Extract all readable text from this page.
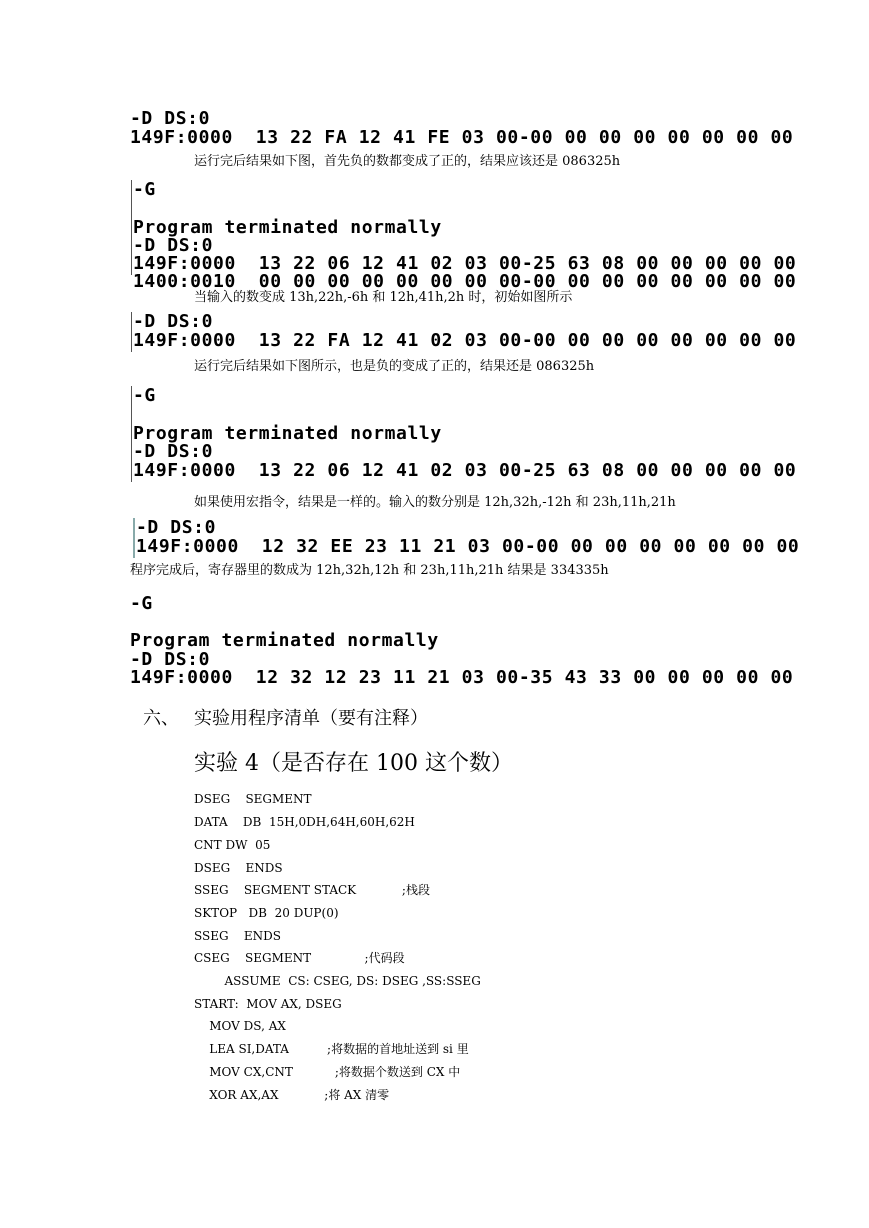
-D DS:0
149F:0000  13 22 FA 12 41 FE 03 00-00 00 00 00 00 00 00 00
运行完后结果如下图，首先负的数都变成了正的，结果应该还是 086325h
-G
Program terminated normally
-D DS:0
149F:0000  13 22 06 12 41 02 03 00-25 63 08 00 00 00 00 00
1400:0010  00 00 00 00 00 00 00 00-00 00 00 00 00 00 00 00
当输入的数变成 13h,22h,-6h 和 12h,41h,2h 时，初始如图所示
-D DS:0
149F:0000  13 22 FA 12 41 02 03 00-00 00 00 00 00 00 00 00
运行完后结果如下图所示，也是负的变成了正的，结果还是 086325h
-G
Program terminated normally
-D DS:0
149F:0000  13 22 06 12 41 02 03 00-25 63 08 00 00 00 00 00
如果使用宏指令，结果是一样的。输入的数分别是 12h,32h,-12h 和 23h,11h,21h
-D DS:0
149F:0000  12 32 EE 23 11 21 03 00-00 00 00 00 00 00 00 00
程序完成后，寄存器里的数成为 12h,32h,12h 和 23h,11h,21h 结果是 334335h
-G
Program terminated normally
-D DS:0
149F:0000  12 32 12 23 11 21 03 00-35 43 33 00 00 00 00 00
六、 实验用程序清单（要有注释）
实验 4（是否存在 100 这个数）
DSEG    SEGMENT
DATA    DB  15H,0DH,64H,60H,62H
CNT DW  05
DSEG    ENDS
SSEG    SEGMENT STACK            ;栈段
SKTOP   DB  20 DUP(0)
SSEG    ENDS
CSEG    SEGMENT              ;代码段
ASSUME  CS: CSEG, DS: DSEG ,SS:SSEG
START:  MOV AX, DSEG
MOV DS, AX
LEA SI,DATA          ;将数据的首地址送到 si 里
MOV CX,CNT           ;将数据个数送到 CX 中
XOR AX,AX            ;将 AX 清零
